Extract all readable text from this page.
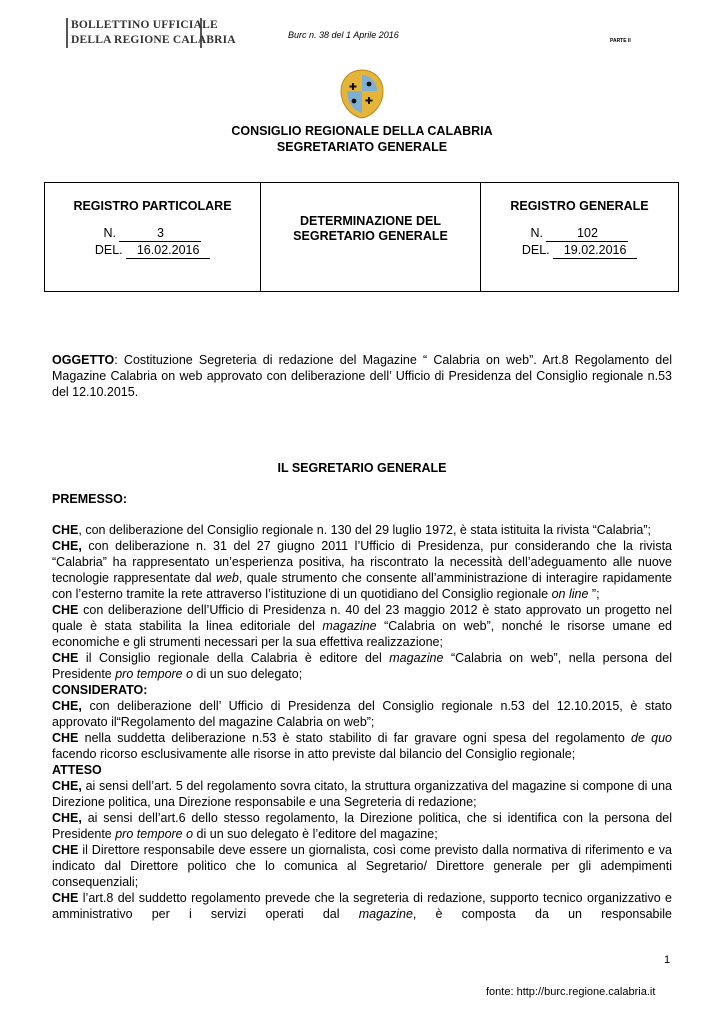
BOLLETTINO UFFICIALE
DELLA REGIONE CALABRIA	Burc n. 38 del 1 Aprile 2016
PARTE II
CONSIGLIO REGIONALE DELLA CALABRIA
SEGRETARIATO GENERALE
REGISTRO PARTICOLARE
N.	3
DEL. 16.02.2016
DETERMINAZIONE DEL
SEGRETARIO GENERALE
REGISTRO GENERALE
N.	102
DEL. 19.02.2016

OGGETTO: Costituzione Segreteria di redazione del Magazine “ Calabria on web”. Art.8 Regolamento del Magazine Calabria on web approvato con deliberazione dell’ Ufficio di Presidenza del Consiglio regionale n.53 del 12.10.2015.

IL SEGRETARIO GENERALE
PREMESSO:

CHE, con deliberazione del Consiglio regionale n. 130 del 29 luglio 1972, è stata istituita la rivista “Calabria”;

CHE, con deliberazione n. 31 del 27 giugno 2011 l’Ufficio di Presidenza, pur considerando che la rivista “Calabria” ha rappresentato un’esperienza positiva, ha riscontrato la necessità dell’adeguamento alle nuove tecnologie rappresentate dal web, quale strumento che consente all’amministrazione di interagire rapidamente con l’esterno tramite la rete attraverso l’istituzione di un quotidiano del Consiglio regionale on line ”;

CHE con deliberazione dell’Ufficio di Presidenza n. 40 del 23 maggio 2012 è stato approvato un progetto nel quale è stata stabilita la linea editoriale del magazine “Calabria on web”, nonché le risorse umane ed economiche e gli strumenti necessari per la sua effettiva realizzazione;

CHE il Consiglio regionale della Calabria è editore del magazine “Calabria on web”, nella persona del Presidente pro tempore o di un suo delegato;

CONSIDERATO:

CHE, con deliberazione dell’ Ufficio di Presidenza del Consiglio regionale n.53 del 12.10.2015, è stato approvato il“Regolamento del magazine Calabria on web”;

CHE nella suddetta deliberazione n.53 è stato stabilito di far gravare ogni spesa del regolamento de quo facendo ricorso esclusivamente alle risorse in atto previste dal bilancio del Consiglio regionale;

ATTESO

CHE, ai sensi dell’art. 5 del regolamento sovra citato, la struttura organizzativa del magazine si compone di una Direzione politica, una Direzione responsabile e una Segreteria di redazione;

CHE, ai sensi dell’art.6 dello stesso regolamento, la Direzione politica, che si identifica con la persona del Presidente pro tempore o di un suo delegato è l’editore del magazine;

CHE il Direttore responsabile deve essere un giornalista, così come previsto dalla normativa di riferimento e va indicato dal Direttore politico che lo comunica al Segretario/ Direttore generale per gli adempimenti consequenziali;

CHE l’art.8 del suddetto regolamento prevede che la segreteria di redazione, supporto tecnico organizzativo e amministrativo per i servizi operati dal magazine, è composta da un responsabile

1
fonte: http://burc.regione.calabria.it
